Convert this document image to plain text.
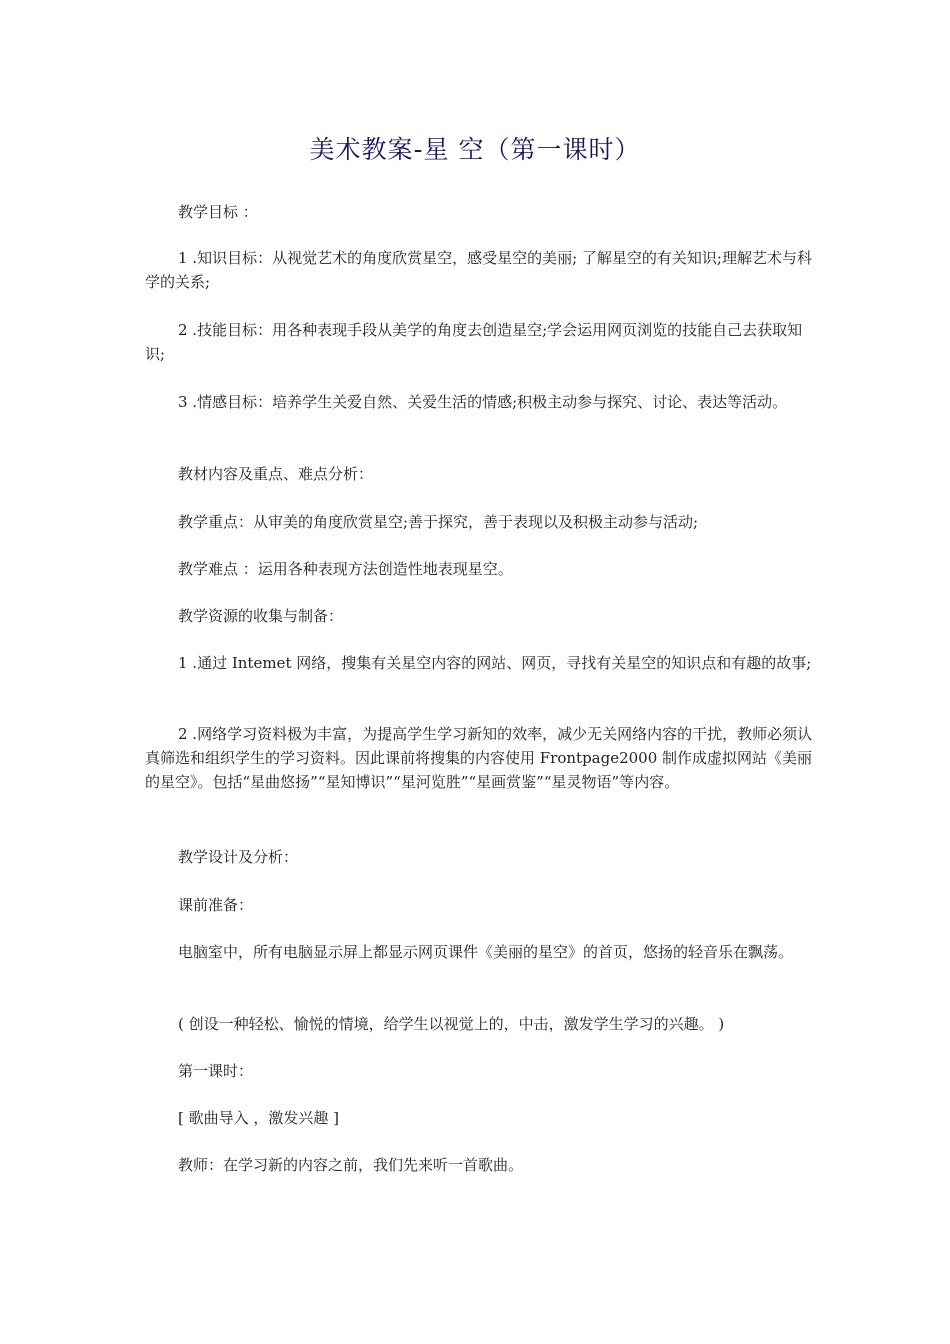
美术教案-星 空（第一课时）

教学目标 ：

1 .知识目标：从视觉艺术的角度欣赏星空，感受星空的美丽; 了解星空的有关知识;理解艺术与科学的关系;

2 .技能目标：用各种表现手段从美学的角度去创造星空;学会运用网页浏览的技能自己去获取知识;

3 .情感目标：培养学生关爱自然、关爱生活的情感;积极主动参与探究、讨论、表达等活动。

教材内容及重点、难点分析：

教学重点：从审美的角度欣赏星空;善于探究，善于表现以及积极主动参与活动;

教学难点 ：运用各种表现方法创造性地表现星空。

教学资源的收集与制备：

1 .通过 Intemet 网络，搜集有关星空内容的网站、网页，寻找有关星空的知识点和有趣的故事;

2 .网络学习资料极为丰富，为提高学生学习新知的效率，减少无关网络内容的干扰，教师必须认真筛选和组织学生的学习资料。因此课前将搜集的内容使用 Frontpage2000 制作成虚拟网站《美丽的星空》。包括“星曲悠扬”“星知博识”“星河览胜”“星画赏鉴”“星灵物语”等内容。

教学设计及分析：

课前准备：

电脑室中，所有电脑显示屏上都显示网页课件《美丽的星空》的首页，悠扬的轻音乐在飘荡。

( 创设一种轻松、愉悦的情境，给学生以视觉上的，中击，激发学生学习的兴趣。 )

第一课时：

[ 歌曲导入 ，激发兴趣 ]

教师：在学习新的内容之前，我们先来听一首歌曲。
